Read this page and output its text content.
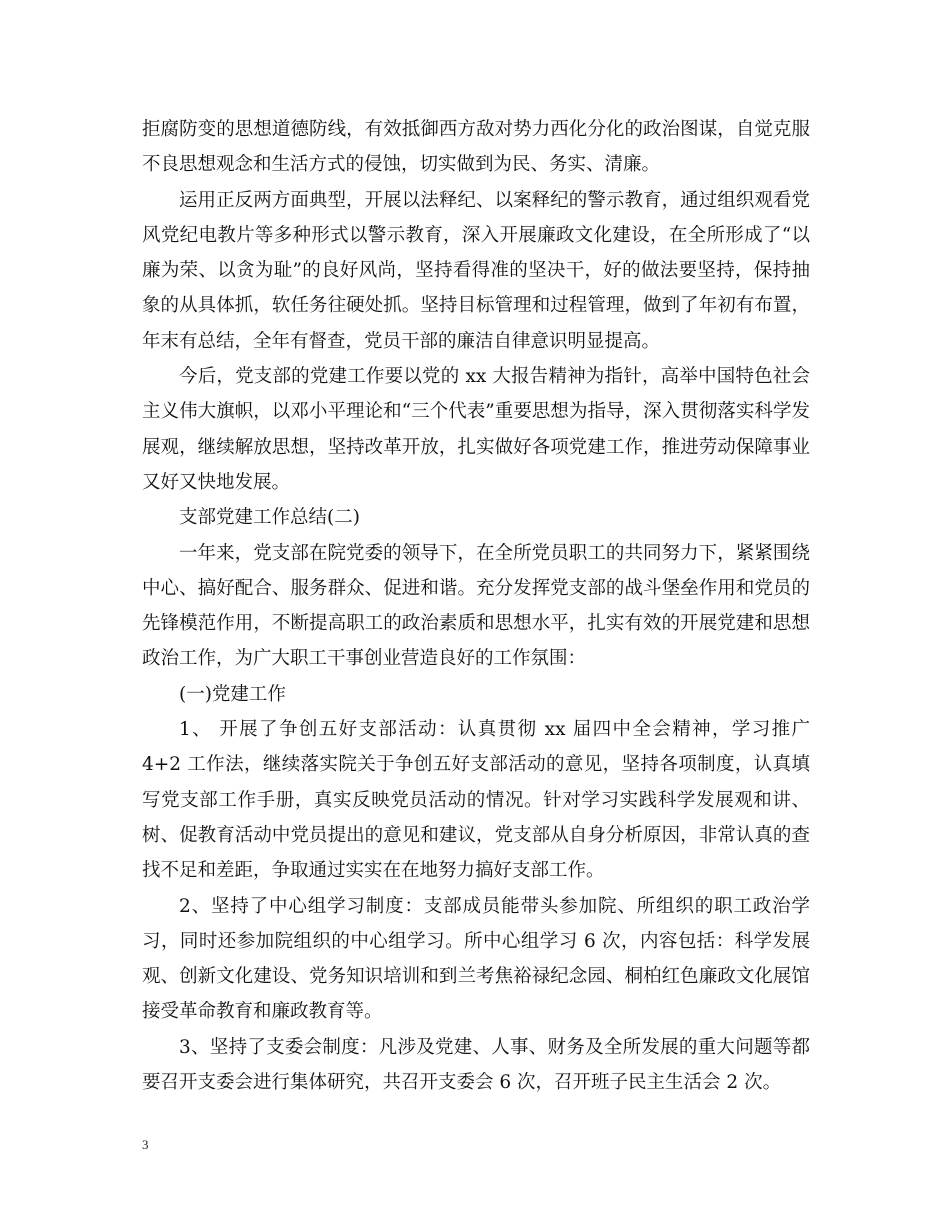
拒腐防变的思想道德防线，有效抵御西方敌对势力西化分化的政治图谋，自觉克服不良思想观念和生活方式的侵蚀，切实做到为民、务实、清廉。

运用正反两方面典型，开展以法释纪、以案释纪的警示教育，通过组织观看党风党纪电教片等多种形式以警示教育，深入开展廉政文化建设，在全所形成了“以廉为荣、以贪为耻”的良好风尚，坚持看得准的坚决干，好的做法要坚持，保持抽象的从具体抓，软任务往硬处抓。坚持目标管理和过程管理，做到了年初有布置，年末有总结，全年有督查，党员干部的廉洁自律意识明显提高。

今后，党支部的党建工作要以党的 xx 大报告精神为指针，高举中国特色社会主义伟大旗帜，以邓小平理论和“三个代表”重要思想为指导，深入贯彻落实科学发展观，继续解放思想，坚持改革开放，扎实做好各项党建工作，推进劳动保障事业又好又快地发展。

支部党建工作总结(二)

一年来，党支部在院党委的领导下，在全所党员职工的共同努力下，紧紧围绕中心、搞好配合、服务群众、促进和谐。充分发挥党支部的战斗堡垒作用和党员的先锋模范作用，不断提高职工的政治素质和思想水平，扎实有效的开展党建和思想政治工作，为广大职工干事创业营造良好的工作氛围：

(一)党建工作

1、 开展了争创五好支部活动：认真贯彻 xx 届四中全会精神，学习推广 4+2 工作法，继续落实院关于争创五好支部活动的意见，坚持各项制度，认真填写党支部工作手册，真实反映党员活动的情况。针对学习实践科学发展观和讲、树、促教育活动中党员提出的意见和建议，党支部从自身分析原因，非常认真的查找不足和差距，争取通过实实在在地努力搞好支部工作。

2、坚持了中心组学习制度：支部成员能带头参加院、所组织的职工政治学习，同时还参加院组织的中心组学习。所中心组学习 6 次，内容包括：科学发展观、创新文化建设、党务知识培训和到兰考焦裕禄纪念园、桐柏红色廉政文化展馆接受革命教育和廉政教育等。

3、坚持了支委会制度：凡涉及党建、人事、财务及全所发展的重大问题等都要召开支委会进行集体研究，共召开支委会 6 次，召开班子民主生活会 2 次。

3
